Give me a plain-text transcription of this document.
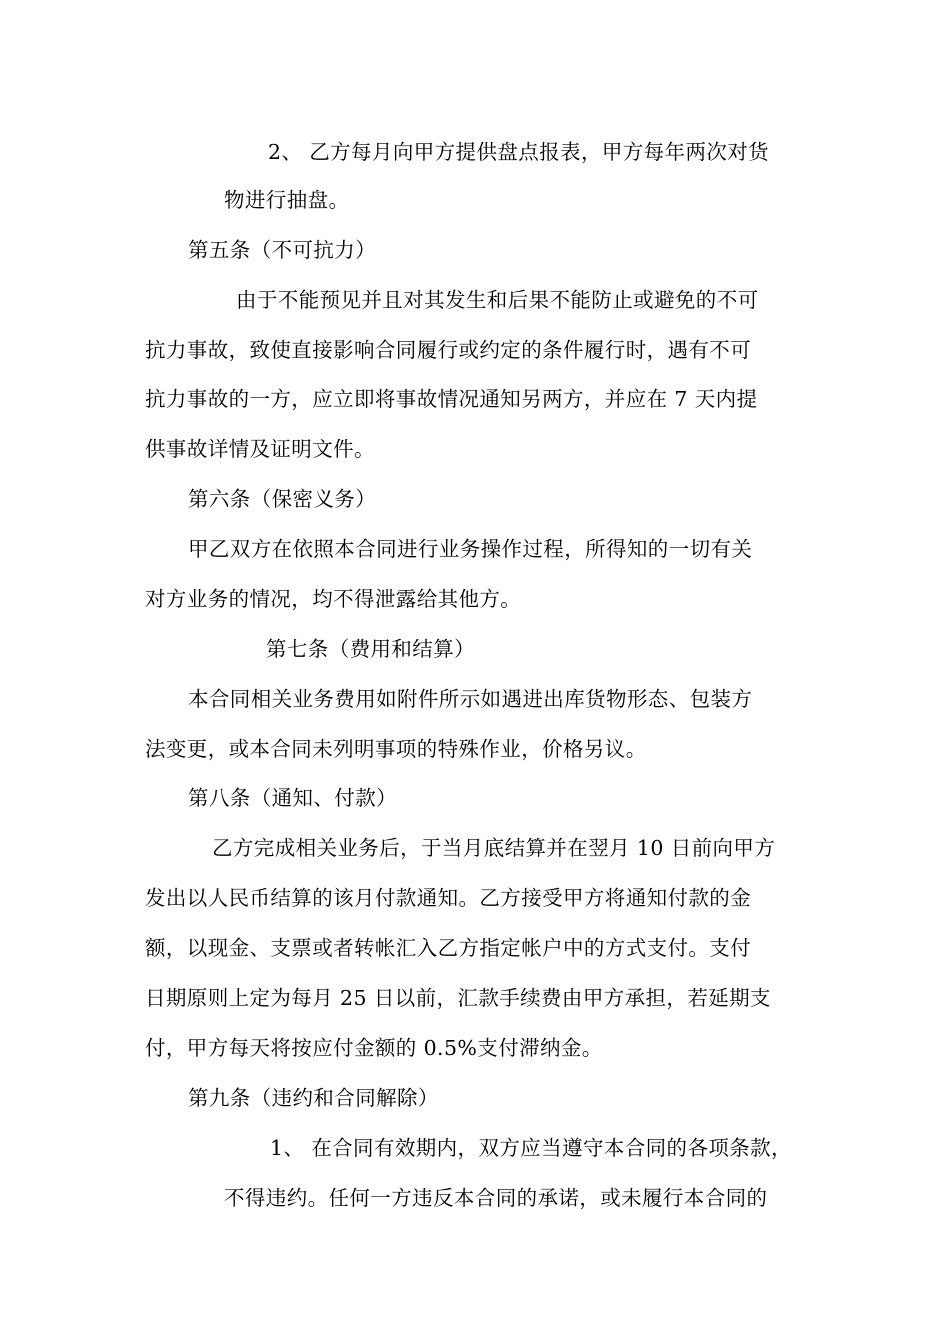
2、 乙方每月向甲方提供盘点报表，甲方每年两次对货
物进行抽盘。
第五条（不可抗力）
由于不能预见并且对其发生和后果不能防止或避免的不可
抗力事故，致使直接影响合同履行或约定的条件履行时，遇有不可
抗力事故的一方，应立即将事故情况通知另两方，并应在 7 天内提
供事故详情及证明文件。
第六条（保密义务）
甲乙双方在依照本合同进行业务操作过程，所得知的一切有关
对方业务的情况，均不得泄露给其他方。
第七条（费用和结算）
本合同相关业务费用如附件所示如遇进出库货物形态、包装方
法变更，或本合同未列明事项的特殊作业，价格另议。
第八条（通知、付款）
乙方完成相关业务后，于当月底结算并在翌月 10 日前向甲方
发出以人民币结算的该月付款通知。乙方接受甲方将通知付款的金
额，以现金、支票或者转帐汇入乙方指定帐户中的方式支付。支付
日期原则上定为每月 25 日以前，汇款手续费由甲方承担，若延期支
付，甲方每天将按应付金额的 0.5%支付滞纳金。
第九条（违约和合同解除）
1、 在合同有效期内，双方应当遵守本合同的各项条款，
不得违约。任何一方违反本合同的承诺，或未履行本合同的
